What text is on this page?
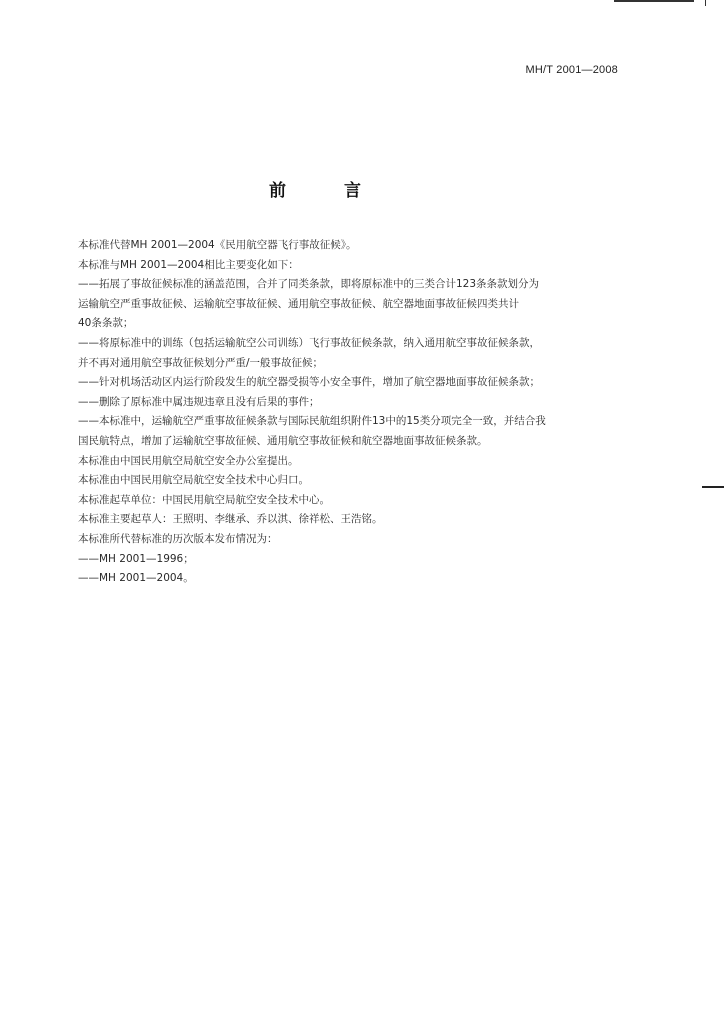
MH/T 2001—2008
前 言
本标准代替MH 2001—2004《民用航空器飞行事故征候》。
本标准与MH 2001—2004相比主要变化如下：
——拓展了事故征候标准的涵盖范围，合并了同类条款，即将原标准中的三类合计123条条款划分为
运输航空严重事故征候、运输航空事故征候、通用航空事故征候、航空器地面事故征候四类共计
40条条款；
——将原标准中的训练（包括运输航空公司训练）飞行事故征候条款，纳入通用航空事故征候条款，
并不再对通用航空事故征候划分严重/一般事故征候；
——针对机场活动区内运行阶段发生的航空器受损等小安全事件，增加了航空器地面事故征候条款；
——删除了原标准中属违规违章且没有后果的事件；
——本标准中，运输航空严重事故征候条款与国际民航组织附件13中的15类分项完全一致，并结合我
国民航特点，增加了运输航空事故征候、通用航空事故征候和航空器地面事故征候条款。
本标准由中国民用航空局航空安全办公室提出。
本标准由中国民用航空局航空安全技术中心归口。
本标准起草单位：中国民用航空局航空安全技术中心。
本标准主要起草人：王照明、李继承、乔以淇、徐祥松、王浩铭。
本标准所代替标准的历次版本发布情况为：
——MH 2001—1996；
——MH 2001—2004。
